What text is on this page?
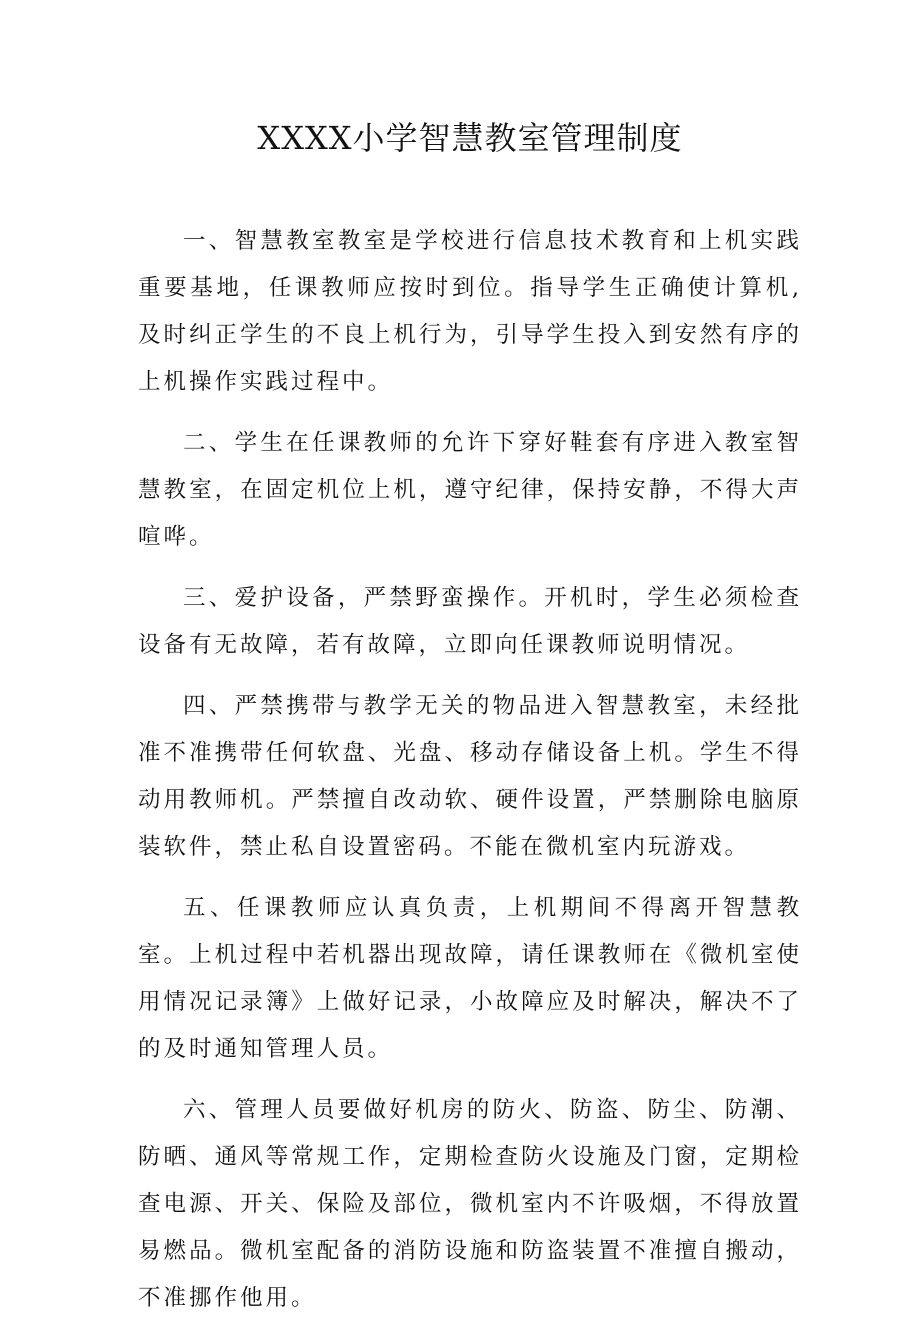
XXXX小学智慧教室管理制度

一、智慧教室教室是学校进行信息技术教育和上机实践重要基地，任课教师应按时到位。指导学生正确使计算机,及时纠正学生的不良上机行为，引导学生投入到安然有序的上机操作实践过程中。

二、学生在任课教师的允许下穿好鞋套有序进入教室智慧教室，在固定机位上机，遵守纪律，保持安静，不得大声喧哗。

三、爱护设备，严禁野蛮操作。开机时，学生必须检查设备有无故障，若有故障，立即向任课教师说明情况。

四、严禁携带与教学无关的物品进入智慧教室，未经批准不准携带任何软盘、光盘、移动存储设备上机。学生不得动用教师机。严禁擅自改动软、硬件设置，严禁删除电脑原装软件，禁止私自设置密码。不能在微机室内玩游戏。

五、任课教师应认真负责，上机期间不得离开智慧教室。上机过程中若机器出现故障，请任课教师在《微机室使用情况记录簿》上做好记录，小故障应及时解决，解决不了的及时通知管理人员。

六、管理人员要做好机房的防火、防盗、防尘、防潮、防晒、通风等常规工作，定期检查防火设施及门窗，定期检查电源、开关、保险及部位，微机室内不许吸烟，不得放置易燃品。微机室配备的消防设施和防盗装置不准擅自搬动，不准挪作他用。
